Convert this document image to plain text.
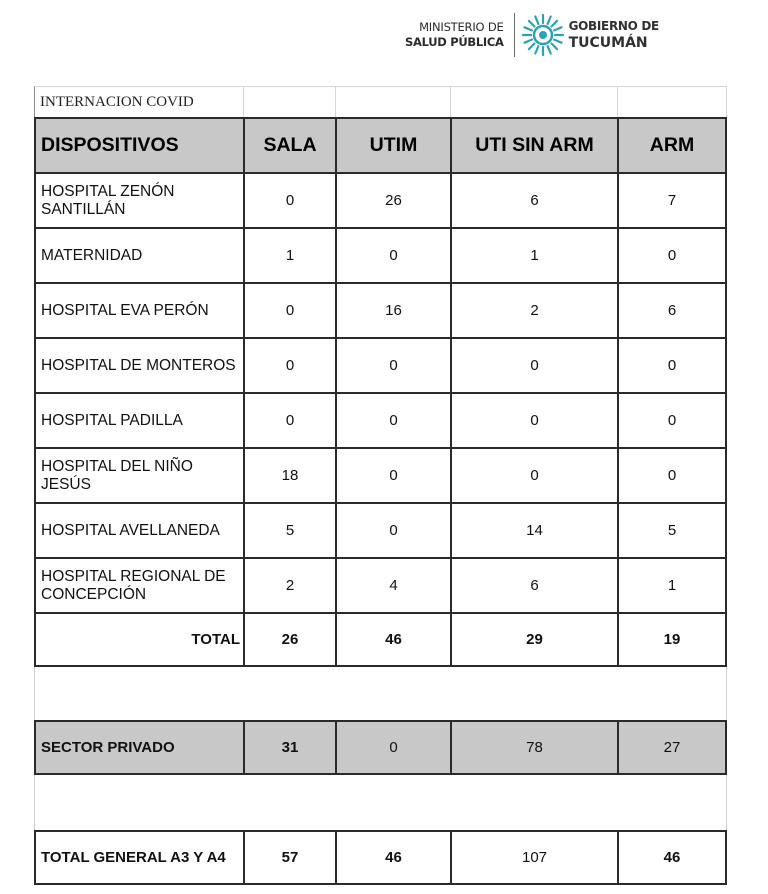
MINISTERIO DE
SALUD PÚBLICA
GOBIERNO DE
TUCUMÁN
INTERNACION COVID
DISPOSITIVOS	SALA	UTIM	UTI SIN ARM	ARM
HOSPITAL ZENÓN SANTILLÁN	0	26	6	7
MATERNIDAD	1	0	1	0
HOSPITAL EVA PERÓN	0	16	2	6
HOSPITAL DE MONTEROS	0	0	0	0
HOSPITAL PADILLA	0	0	0	0
HOSPITAL DEL NIÑO JESÚS	18	0	0	0
HOSPITAL AVELLANEDA	5	0	14	5
HOSPITAL REGIONAL DE CONCEPCIÓN	2	4	6	1
TOTAL	26	46	29	19
SECTOR PRIVADO	31	0	78	27
TOTAL GENERAL A3 Y A4	57	46	107	46
